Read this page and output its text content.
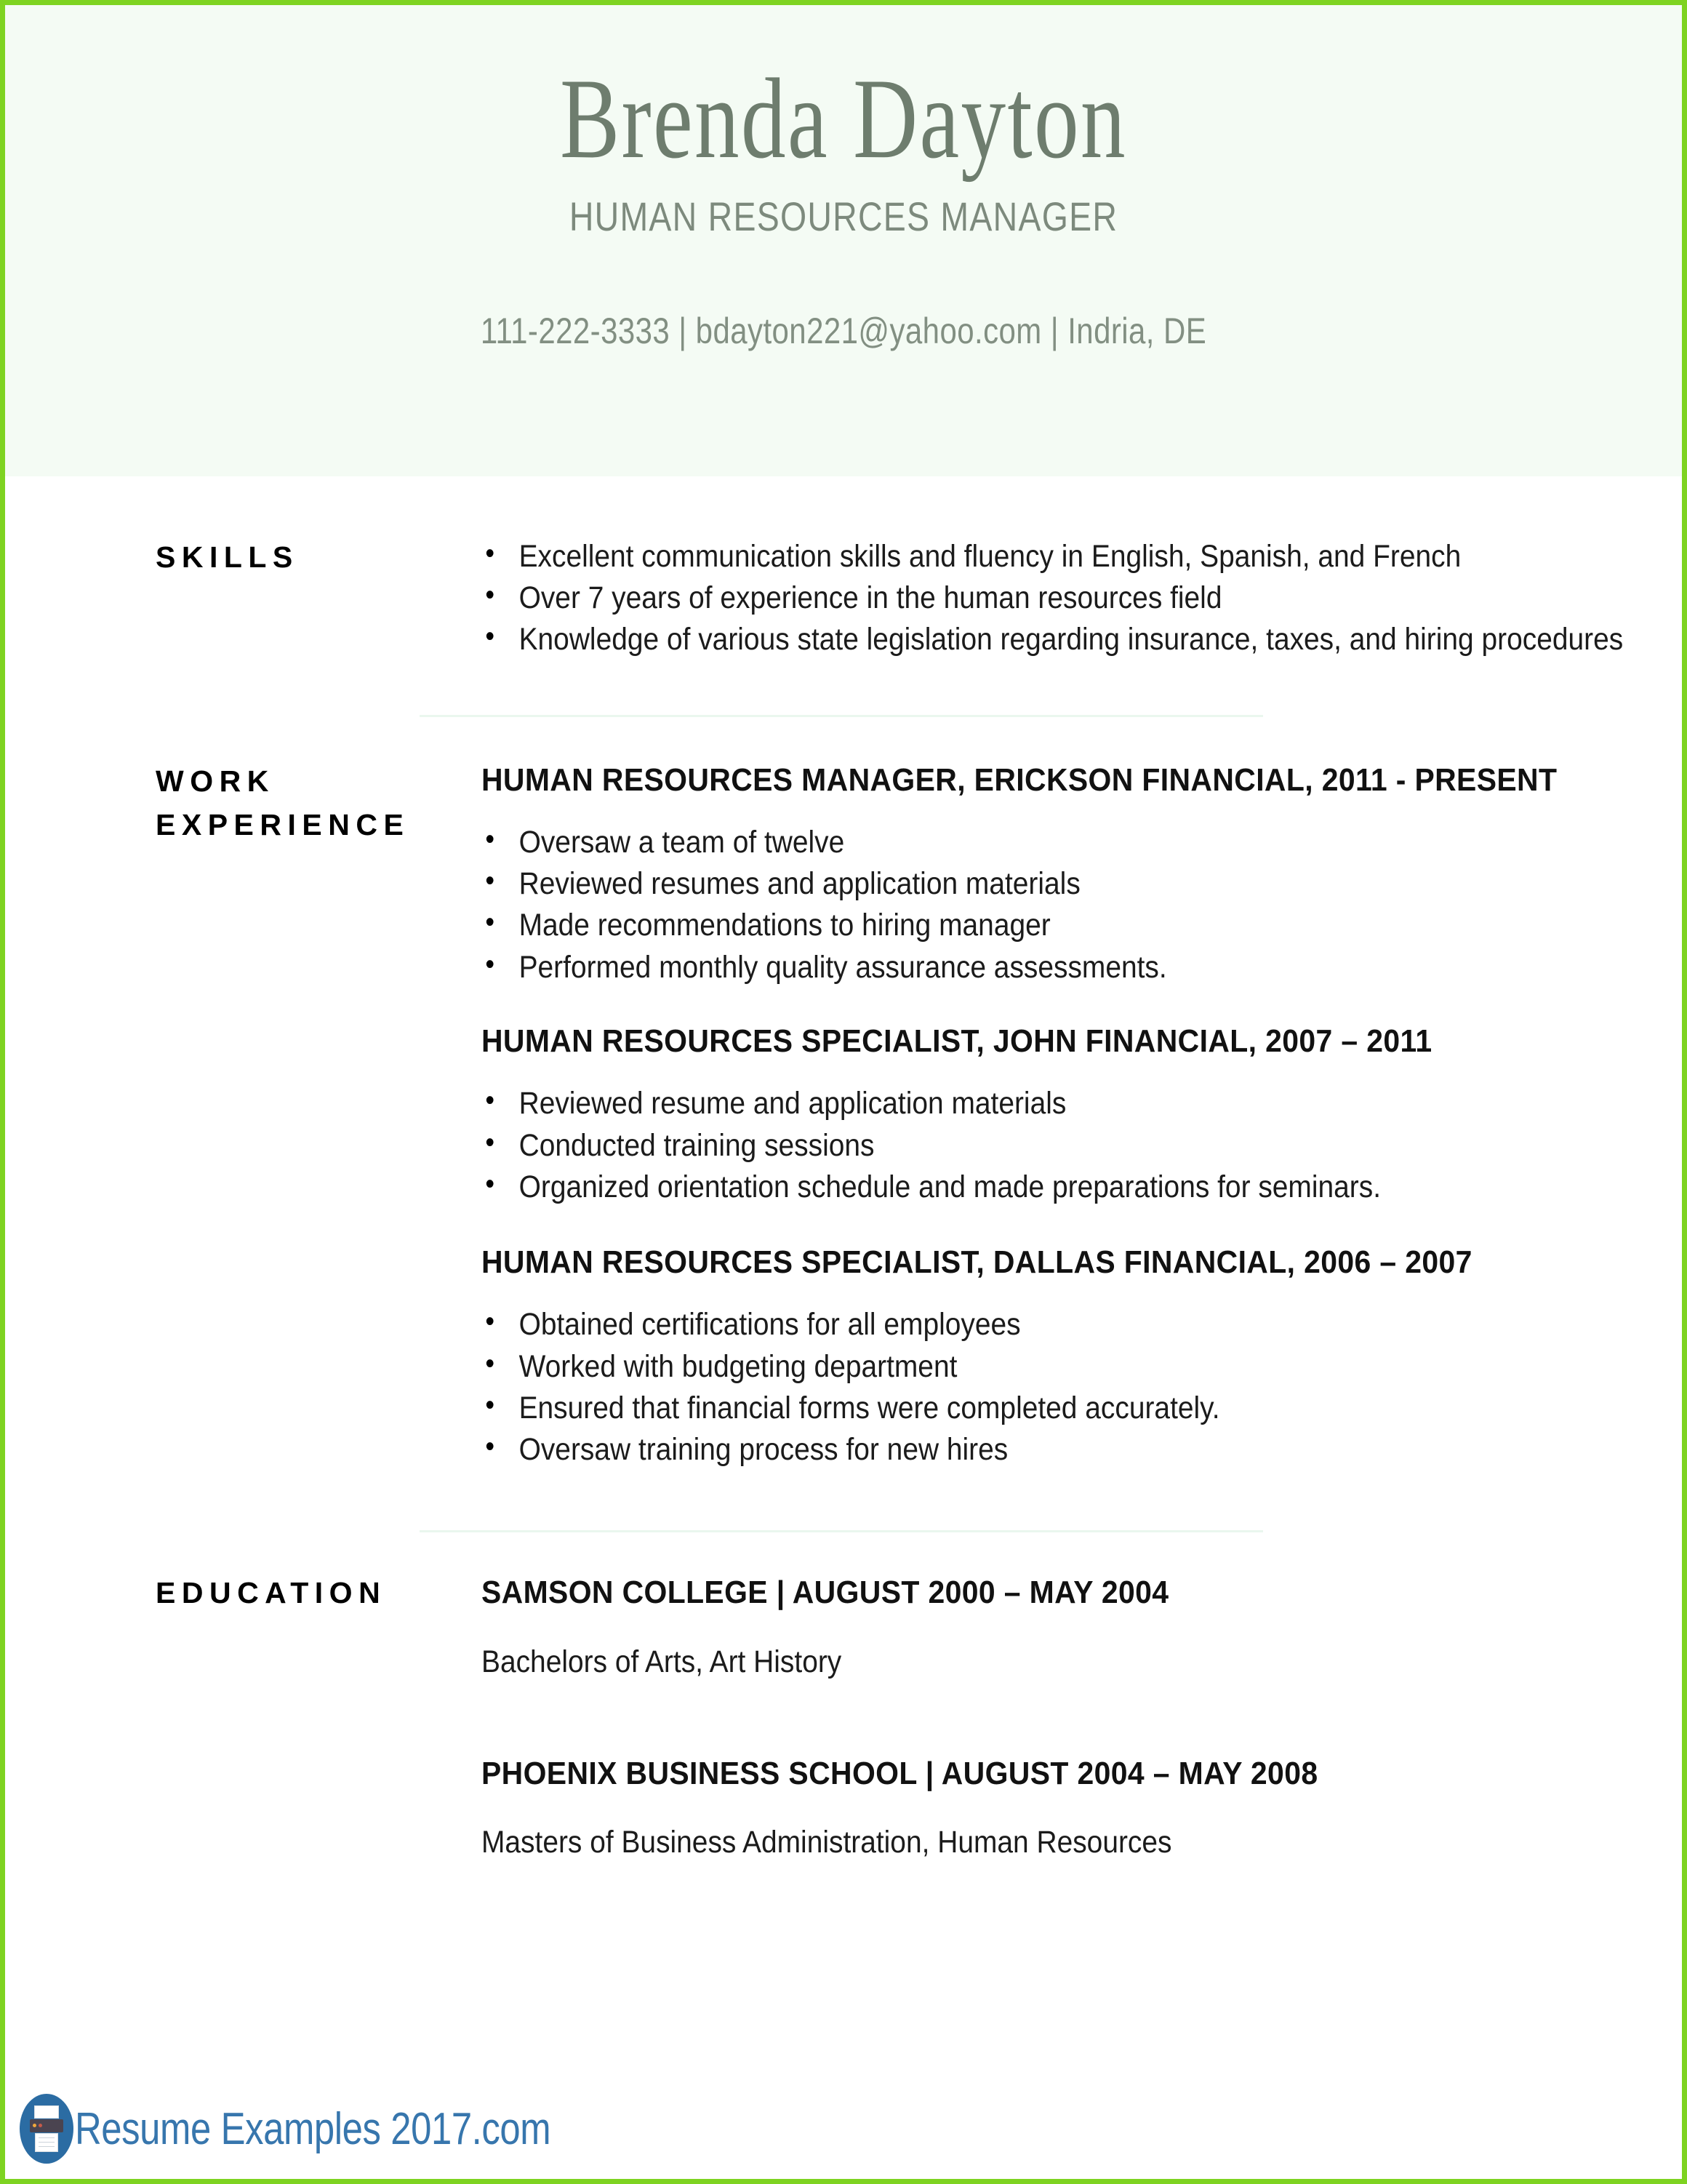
Brenda Dayton
HUMAN RESOURCES MANAGER
111-222-3333 | bdayton221@yahoo.com | Indria, DE
SKILLS	• Excellent communication skills and fluency in English, Spanish, and French
• Over 7 years of experience in the human resources field
• Knowledge of various state legislation regarding insurance, taxes, and hiring procedures
WORK
EXPERIENCE
HUMAN RESOURCES MANAGER, ERICKSON FINANCIAL, 2011 - PRESENT
• Oversaw a team of twelve
• Reviewed resumes and application materials
• Made recommendations to hiring manager
• Performed monthly quality assurance assessments.
HUMAN RESOURCES SPECIALIST, JOHN FINANCIAL, 2007 – 2011
• Reviewed resume and application materials
• Conducted training sessions
• Organized orientation schedule and made preparations for seminars.
HUMAN RESOURCES SPECIALIST, DALLAS FINANCIAL, 2006 – 2007
• Obtained certifications for all employees
• Worked with budgeting department
• Ensured that financial forms were completed accurately.
• Oversaw training process for new hires
EDUCATION	SAMSON COLLEGE | AUGUST 2000 – MAY 2004
Bachelors of Arts, Art History
PHOENIX BUSINESS SCHOOL | AUGUST 2004 – MAY 2008
Masters of Business Administration, Human Resources
Resume Examples 2017.com
